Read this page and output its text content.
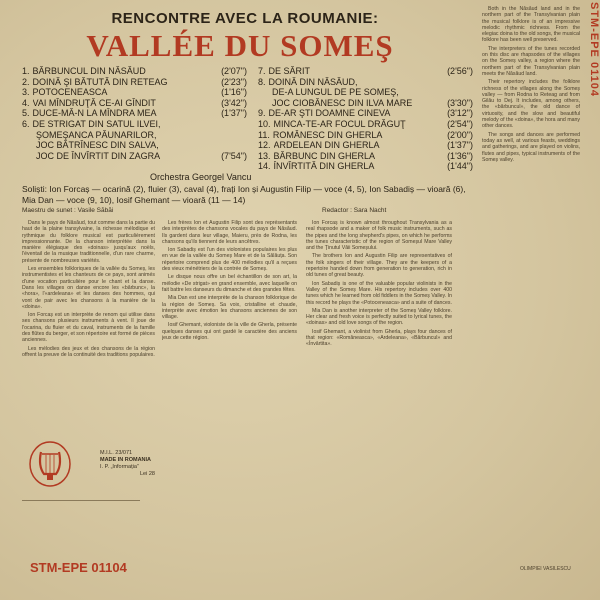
RENCONTRE AVEC LA ROUMANIE:
VALLÉE DU SOMEŞ
1. BĂRBUNCUL DIN NĂSĂUD	(2'07")
2. DOINĂ ŞI BĂTUTĂ DIN RETEAG	(2'23")
3. POTOCENEASCA	(1'16")
4. VAI MÎNDRUŢĂ CE-AI GÎNDIT	(3'42")
5. DUCE-MĂ-N LA MÎNDRA MEA	(1'37")
6. DE STRIGAT DIN SATUL ILVEI,
ŞOMEŞANCA PĂUNARILOR,
JOC BĂTRÎNESC DIN SALVA,
JOC DE ÎNVÎRTIT DIN ZAGRA	(7'54")
7. DE SĂRIT	(2'56")
8. DOINĂ DIN NĂSĂUD,
DE-A LUNGUL DE PE SOMEŞ,
JOC CIOBĂNESC DIN ILVA MARE	(3'30")
9. DE-AR ŞTI DOAMNE CINEVA	(3'12")
10. MINCA-TE-AR FOCUL DRĂGUŢ	(2'54")
11. ROMÂNESC DIN GHERLA	(2'00")
12. ARDELEAN DIN GHERLA	(1'37")
13. BĂRBUNC DIN GHERLA	(1'36")
14. ÎNVÎRTITĂ DIN GHERLA	(1'44")
Orchestra Georgel Vancu
Soliști: Ion Forcaș — ocarină (2), fluier (3), caval (4), frați Ion și Augustin Filip — voce (4, 5), Ion Sabadiș — vioară (6), Mia Dan — voce (9, 10), Iosif Ghemant — vioară (11 — 14)
Maestru de sunet : Vasile Săbăi	Redactor : Sara Nacht

Dans le pays de Năsăud, tout comme dans la partie du haut de la plaine transylvaine, la richesse mélodique et rythmique du folklore musical est particulièrement impressionnante. De la chanson interprétée dans la manière élégiaque des «doinas» jusqu'aux noëls, l'éventail de la musique traditionnelle, d'un rare charme, présente de nombreuses variétés.

Les ensembles folkloriques de la vallée du Someș, les instrumentistes et les chanteurs de ce pays, sont animés d'une vocation particulière pour le chant et la danse. Dans les villages on danse encore les «bărbunc», la «hora», l'«ardeleana» et les danses des hommes, qui vont de pair avec les chansons à la manière de la «doina».

Ion Forcaș est un interprète de renom qui utilise dans ses chansons plusieurs instruments à vent. Il joue de l'ocarina, du fluier et du caval, instruments de la famille des flûtes du berger, et son répertoire est formé de pièces anciennes.

Les mélodies des jeux et des chansons de la région offrent la preuve de la continuité des traditions populaires.

Les frères Ion et Augustin Filip sont des représentants des interprètes de chansons vocales du pays de Năsăud. Ils gardent dans leur village, Maieru, près de Rodna, les chansons qu'ils tiennent de leurs ancêtres.

Ion Sabadiș est l'un des violonistes populaires les plus en vue de la vallée du Someș Mare et de la Sălăuța. Son répertoire comprend plus de 400 mélodies qu'il a reçues des vieux ménétriers de la contrée de Someș.

Le disque nous offre un bel échantillon de son art, la mélodie «De strigat» en grand ensemble, avec laquelle on fait battre les danseurs du dimanche et des grandes fêtes.

Mia Dan est une interprète de la chanson folklorique de la région de Someș. Sa voix, cristalline et chaude, interprète avec émotion les chansons anciennes de son village.

Iosif Ghemant, violoniste de la ville de Gherla, présente quelques danses qui ont gardé le caractère des anciens jeux de cette région.

Ion Forcaș is known almost throughout Transylvania as a real rhapsode and a maker of folk music instruments, such as the pipes and the long shepherd's pipes, on which he performs the tunes characteristic of the region of Someșul Mare Valley and the Ţinutul Văii Someșului.

The brothers Ion and Augustin Filip are representatives of the folk singers of their village. They are the keepers of a repertoire handed down from generation to generation, rich in old tunes of great beauty.

Ion Sabadiș is one of the valuable popular violinists in the Valley of the Someș Mare. His repertory includes over 400 tunes which he learned from old fiddlers in the Someș Valley. In this record he plays the «Potoceneasca» and a suite of dances.

Mia Dan is another interpreter of the Someș Valley folklore. Her clear and fresh voice is perfectly suited to lyrical tunes, the «doinas» and old love songs of the region.

Iosif Ghemant, a violinist from Gherla, plays four dances of that region: «Româneasca», «Ardeleana», «Bărbuncul» and «Învârtita».

Both in the Năsăud land and in the northern part of the Transylvanian plain the musical folklore is of an impressive melodic rhythmic richness. From the elegiac doina to the old songs, the musical folklore has been well preserved.

The interpreters of the tunes recorded on this disc are rhapsodes of the villages on the Someș valley, a region where the northern part of the Transylvanian plain meets the Năsăud land.

Their repertory includes the folklore richness of the villages along the Someș valley — from Rodna to Reteag and from Gilău to Dej. It includes, among others, the «bărbuncul», the old dance of virtuosity, and the slow and beautiful melody of the «doina», the hora and many other dances.

The songs and dances are performed today as well, at various feasts, weddings and gatherings, and are played on violins, flutes and pipes, typical instruments of the Someș valley.

STM-EPE 01104
M.I.L. 23/071
MADE IN ROMANIA
I. P. „Informația”
Lei 28
STM-EPE 01104	OLIMPIEI VASILESCU
